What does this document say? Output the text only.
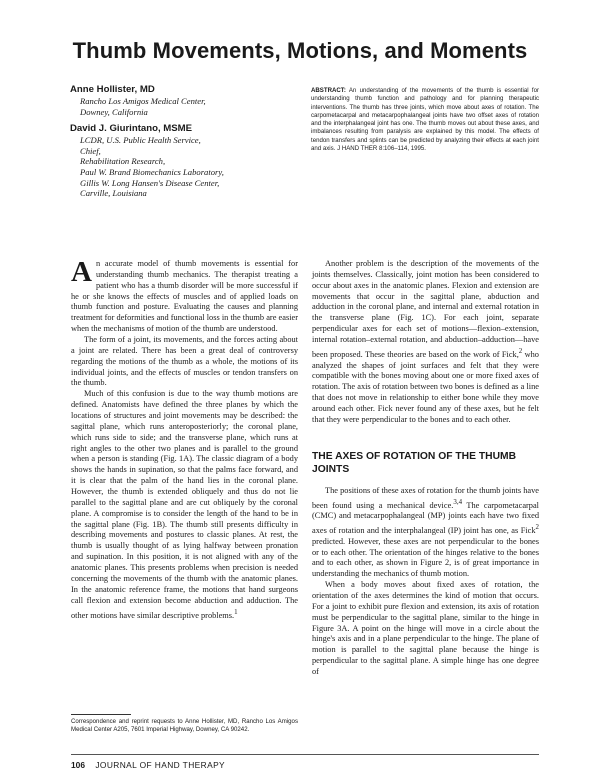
Thumb Movements, Motions, and Moments
Anne Hollister, MD
Rancho Los Amigos Medical Center,
Downey, California
David J. Giurintano, MSME
LCDR, U.S. Public Health Service,
Chief,
Rehabilitation Research,
Paul W. Brand Biomechanics Laboratory,
Gillis W. Long Hansen's Disease Center,
Carville, Louisiana

ABSTRACT: An understanding of the movements of the thumb is essential for understanding thumb function and pathology and for planning therapeutic interventions. The thumb has three joints, which move about axes of rotation. The carpometacarpal and metacarpophalangeal joints have two offset axes of rotation and the interphalangeal joint has one. The thumb moves out about these axes, and imbalances resulting from paralysis are explained by this model. The effects of tendon transfers and splints can be predicted by analyzing their effects at each joint and axis. J HAND THER 8:106–114, 1995.

An accurate model of thumb movements is essential for understanding thumb mechanics. The therapist treating a patient who has a thumb disorder will be more successful if he or she knows the effects of muscles and of applied loads on thumb function and posture. Evaluating the causes and planning treatment for deformities and functional loss in the thumb are easier when the mechanisms of motion of the thumb are understood.

The form of a joint, its movements, and the forces acting about a joint are related. There has been a great deal of controversy regarding the motions of the thumb as a whole, the motions of its individual joints, and the effects of muscles or tendon transfers on the thumb.

Much of this confusion is due to the way thumb motions are defined. Anatomists have defined the three planes by which the locations of structures and joint movements may be described: the sagittal plane, which runs anteroposteriorly; the coronal plane, which runs side to side; and the transverse plane, which runs at right angles to the other two planes and is parallel to the ground when a person is standing (Fig. 1A). The classic diagram of a body shows the hands in supination, so that the palms face forward, and it is clear that the palm of the hand lies in the coronal plane. However, the thumb is extended obliquely and thus do not lie parallel to the sagittal plane and are cut obliquely by the coronal plane. A compromise is to consider the length of the hand to be in the sagittal plane (Fig. 1B). The thumb still presents difficulty in describing movements and postures to classic planes. At rest, the thumb is usually thought of as lying halfway between pronation and supination. In this position, it is not aligned with any of the anatomic planes. This presents problems when precision is needed concerning the movements of the thumb with the anatomic planes. In the anatomic reference frame, the motions that hand surgeons call flexion and extension become abduction and adduction. The other motions have similar descriptive problems.$^1$

Another problem is the description of the movements of the joints themselves. Classically, joint motion has been considered to occur about axes in the anatomic planes. Flexion and extension are movements that occur in the sagittal plane, abduction and adduction in the coronal plane, and internal and external rotation in the transverse plane (Fig. 1C). For each joint, separate perpendicular axes for each set of motions—flexion–extension, internal rotation–external rotation, and abduction–adduction—have been proposed. These theories are based on the work of Fick,$^2$ who analyzed the shapes of joint surfaces and felt that they were compatible with the bones moving about one or more fixed axes of rotation. The axis of rotation between two bones is defined as a line that does not move in relationship to either bone while they move around each other. Fick never found any of these axes, but he felt that they were perpendicular to the bones and to each other.

THE AXES OF ROTATION OF THE THUMB JOINTS

The positions of these axes of rotation for the thumb joints have been found using a mechanical device.$^{3,4}$ The carpometacarpal (CMC) and metacarpophalangeal (MP) joints each have two fixed axes of rotation and the interphalangeal (IP) joint has one, as Fick$^2$ predicted. However, these axes are not perpendicular to the bones or to each other. The orientation of the hinges relative to the bones and to each other, as shown in Figure 2, is of great importance in understanding the mechanics of thumb motion.

When a body moves about fixed axes of rotation, the orientation of the axes determines the kind of motion that occurs. For a joint to exhibit pure flexion and extension, its axis of rotation must be perpendicular to the sagittal plane, similar to the hinge in Figure 3A. A point on the hinge will move in a circle about the hinge's axis and in a plane perpendicular to the hinge. The plane of motion is parallel to the sagittal plane because the hinge is perpendicular to the sagittal plane. A simple hinge has one degree of

Correspondence and reprint requests to Anne Hollister, MD, Rancho Los Amigos Medical Center A205, 7601 Imperial Highway, Downey, CA 90242.

106 JOURNAL OF HAND THERAPY
